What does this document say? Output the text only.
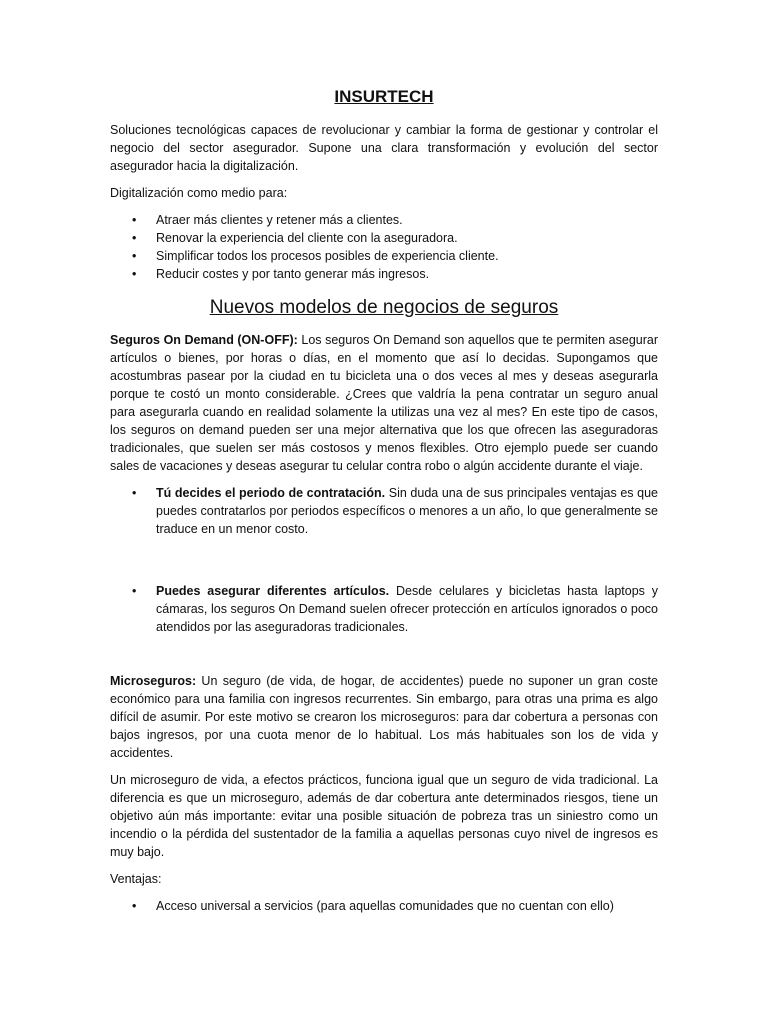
INSURTECH

Soluciones tecnológicas capaces de revolucionar y cambiar la forma de gestionar y controlar el negocio del sector asegurador. Supone una clara transformación y evolución del sector asegurador hacia la digitalización.

Digitalización como medio para:

• Atraer más clientes y retener más a clientes.
• Renovar la experiencia del cliente con la aseguradora.
• Simplificar todos los procesos posibles de experiencia cliente.
• Reducir costes y por tanto generar más ingresos.
Nuevos modelos de negocios de seguros

Seguros On Demand (ON-OFF): Los seguros On Demand son aquellos que te permiten asegurar artículos o bienes, por horas o días, en el momento que así lo decidas. Supongamos que acostumbras pasear por la ciudad en tu bicicleta una o dos veces al mes y deseas asegurarla porque te costó un monto considerable. ¿Crees que valdría la pena contratar un seguro anual para asegurarla cuando en realidad solamente la utilizas una vez al mes? En este tipo de casos, los seguros on demand pueden ser una mejor alternativa que los que ofrecen las aseguradoras tradicionales, que suelen ser más costosos y menos flexibles. Otro ejemplo puede ser cuando sales de vacaciones y deseas asegurar tu celular contra robo o algún accidente durante el viaje.

• Tú decides el periodo de contratación. Sin duda una de sus principales ventajas es que puedes contratarlos por periodos específicos o menores a un año, lo que generalmente se traduce en un menor costo.
• Puedes asegurar diferentes artículos. Desde celulares y bicicletas hasta laptops y cámaras, los seguros On Demand suelen ofrecer protección en artículos ignorados o poco atendidos por las aseguradoras tradicionales.

Microseguros: Un seguro (de vida, de hogar, de accidentes) puede no suponer un gran coste económico para una familia con ingresos recurrentes. Sin embargo, para otras una prima es algo difícil de asumir. Por este motivo se crearon los microseguros: para dar cobertura a personas con bajos ingresos, por una cuota menor de lo habitual. Los más habituales son los de vida y accidentes.

Un microseguro de vida, a efectos prácticos, funciona igual que un seguro de vida tradicional. La diferencia es que un microseguro, además de dar cobertura ante determinados riesgos, tiene un objetivo aún más importante: evitar una posible situación de pobreza tras un siniestro como un incendio o la pérdida del sustentador de la familia a aquellas personas cuyo nivel de ingresos es muy bajo.

Ventajas:

• Acceso universal a servicios (para aquellas comunidades que no cuentan con ello)
